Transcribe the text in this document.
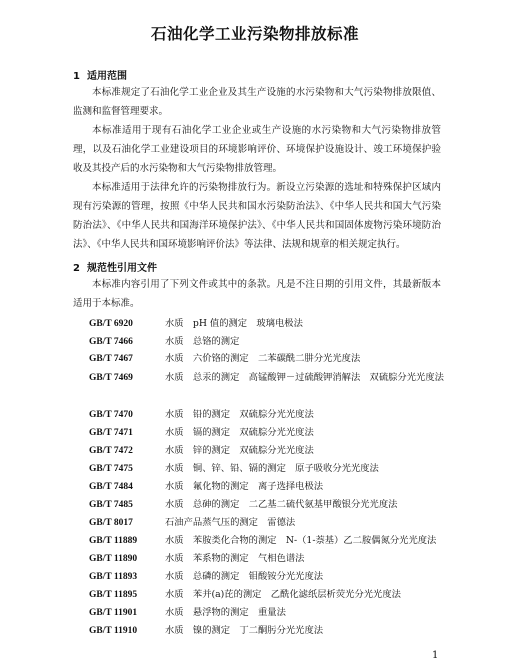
石油化学工业污染物排放标准
1 适用范围

本标准规定了石油化学工业企业及其生产设施的水污染物和大气污染物排放限值、监测和监督管理要求。

本标准适用于现有石油化学工业企业或生产设施的水污染物和大气污染物排放管理，以及石油化学工业建设项目的环境影响评价、环境保护设施设计、竣工环境保护验收及其投产后的水污染物和大气污染物排放管理。

本标准适用于法律允许的污染物排放行为。新设立污染源的选址和特殊保护区域内现有污染源的管理，按照《中华人民共和国水污染防治法》、《中华人民共和国大气污染防治法》、《中华人民共和国海洋环境保护法》、《中华人民共和国固体废物污染环境防治法》、《中华人民共和国环境影响评价法》等法律、法规和规章的相关规定执行。

2 规范性引用文件

本标准内容引用了下列文件或其中的条款。凡是不注日期的引用文件，其最新版本适用于本标准。

GB/T 6920	水质　pH 值的测定　玻璃电极法
GB/T 7466	水质　总铬的测定
GB/T 7467	水质　六价铬的测定　二苯碳酰二肼分光光度法
GB/T 7469	水质　总汞的测定　高锰酸钾－过硫酸钾消解法　双硫腙分光光度法
GB/T 7470	水质　铅的测定　双硫腙分光光度法
GB/T 7471	水质　镉的测定　双硫腙分光光度法
GB/T 7472	水质　锌的测定　双硫腙分光光度法
GB/T 7475	水质　铜、锌、铅、镉的测定　原子吸收分光光度法
GB/T 7484	水质　氟化物的测定　离子选择电极法
GB/T 7485	水质　总砷的测定　二乙基二硫代氨基甲酸银分光光度法
GB/T 8017	石油产品蒸气压的测定　雷德法
GB/T 11889	水质　苯胺类化合物的测定　N-（1-萘基）乙二胺偶氮分光光度法
GB/T 11890	水质　苯系物的测定　气相色谱法
GB/T 11893	水质　总磷的测定　钼酸铵分光光度法
GB/T 11895	水质　苯并(a)芘的测定　乙酰化滤纸层析荧光分光光度法
GB/T 11901	水质　悬浮物的测定　重量法
GB/T 11910	水质　镍的测定　丁二酮肟分光光度法
1
